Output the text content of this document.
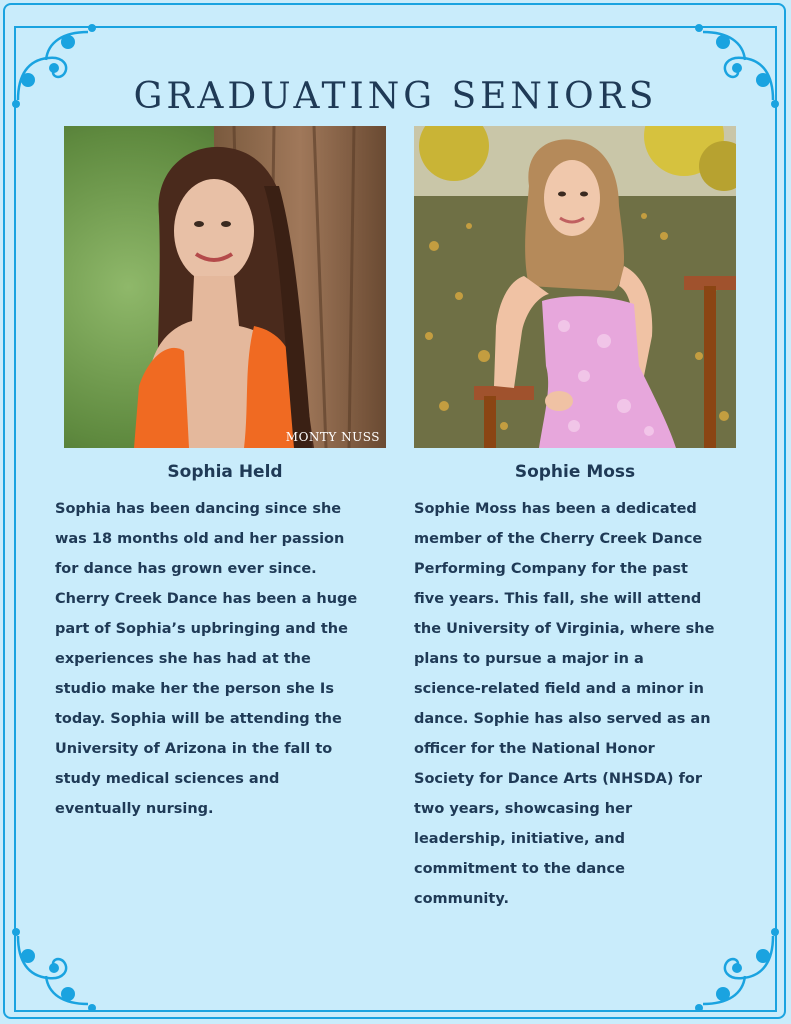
GRADUATING SENIORS
MONTY NUSS
Sophia Held	Sophie Moss
Sophia has been dancing since she
was 18 months old and her passion
for dance has grown ever since.
Cherry Creek Dance has been a huge
part of Sophia’s upbringing and the
experiences she has had at the
studio make her the person she Is
today. Sophia will be attending the
University of Arizona in the fall to
study medical sciences and
eventually nursing.
Sophie Moss has been a dedicated
member of the Cherry Creek Dance
Performing Company for the past
five years. This fall, she will attend
the University of Virginia, where she
plans to pursue a major in a
science-related field and a minor in
dance. Sophie has also served as an
officer for the National Honor
Society for Dance Arts (NHSDA) for
two years, showcasing her
leadership, initiative, and
commitment to the dance
community.
